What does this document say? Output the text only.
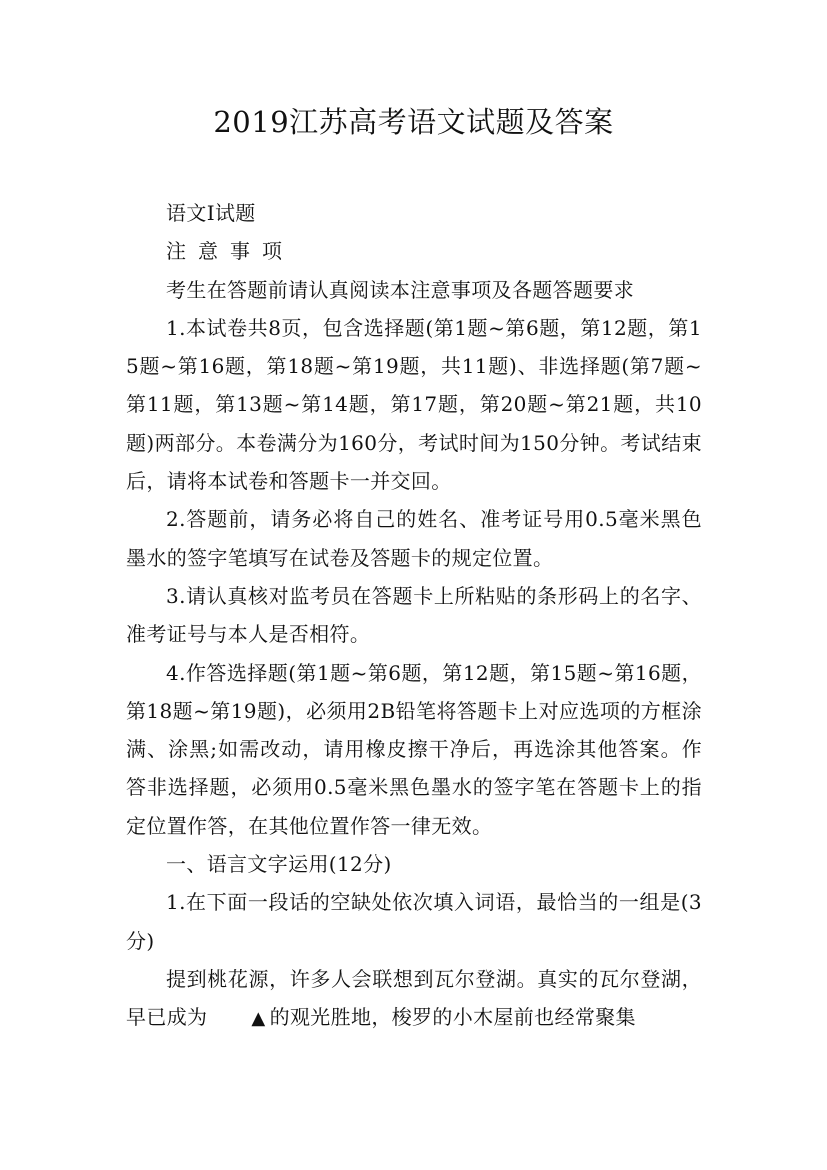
2019江苏高考语文试题及答案

语文Ⅰ试题

注意事项

考生在答题前请认真阅读本注意事项及各题答题要求

1.本试卷共8页，包含选择题(第1题~第6题，第12题，第15题~第16题，第18题~第19题，共11题)、非选择题(第7题~第11题，第13题~第14题，第17题，第20题~第21题，共10题)两部分。本卷满分为160分，考试时间为150分钟。考试结束后，请将本试卷和答题卡一并交回。

2.答题前，请务必将自己的姓名、准考证号用0.5毫米黑色墨水的签字笔填写在试卷及答题卡的规定位置。

3.请认真核对监考员在答题卡上所粘贴的条形码上的名字、准考证号与本人是否相符。

4.作答选择题(第1题~第6题，第12题，第15题~第16题，第18题~第19题)，必须用2B铅笔将答题卡上对应选项的方框涂满、涂黑;如需改动，请用橡皮擦干净后，再选涂其他答案。作答非选择题，必须用0.5毫米黑色墨水的签字笔在答题卡上的指定位置作答，在其他位置作答一律无效。

一、语言文字运用(12分)

1.在下面一段话的空缺处依次填入词语，最恰当的一组是(3分)

提到桃花源，许多人会联想到瓦尔登湖。真实的瓦尔登湖，早已成为 ▲ 的观光胜地，梭罗的小木屋前也经常聚集
